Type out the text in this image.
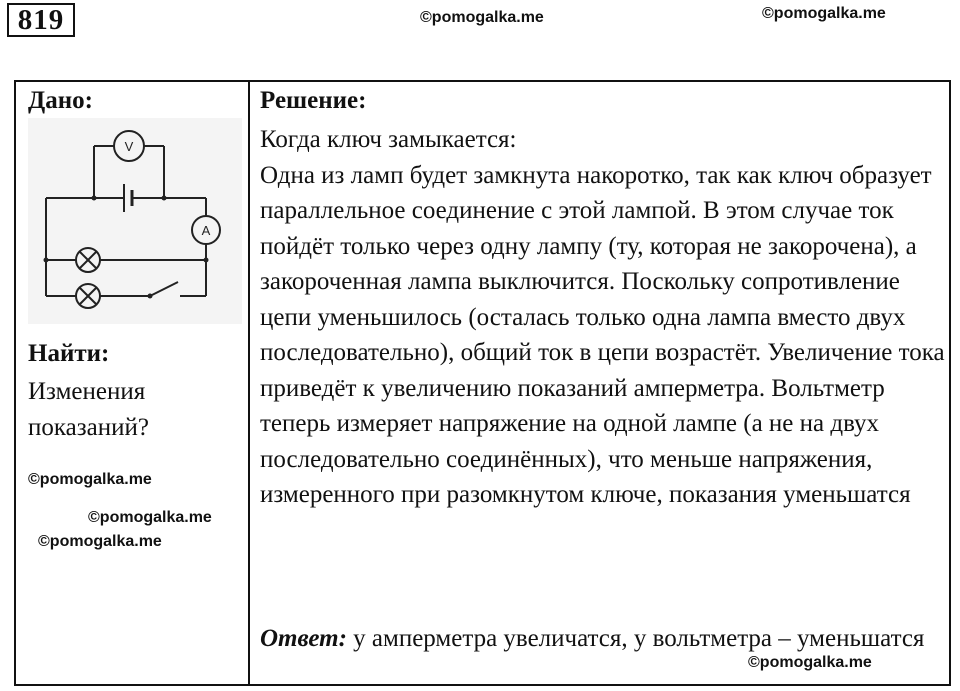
819	©pomogalka.me	©pomogalka.me
©pomogalka.me
©pomogalka.me
©pomogalka.me
©pomogalka.me
Дано:
V
A
Найти:
Изменения показаний?
Решение:
Когда ключ замыкается:
Одна из ламп будет замкнута накоротко, так как ключ образует параллельное соединение с этой лампой. В этом случае ток пойдёт только через одну лампу (ту, которая не закорочена), а закороченная лампа выключится. Поскольку сопротивление цепи уменьшилось (осталась только одна лампа вместо двух последовательно), общий ток в цепи возрастёт. Увеличение тока приведёт к увеличению показаний амперметра. Вольтметр теперь измеряет напряжение на одной лампе (а не на двух последовательно соединённых), что меньше напряжения, измеренного при разомкнутом ключе, показания уменьшатся
Ответ: у амперметра увеличатся, у вольтметра – уменьшатся
